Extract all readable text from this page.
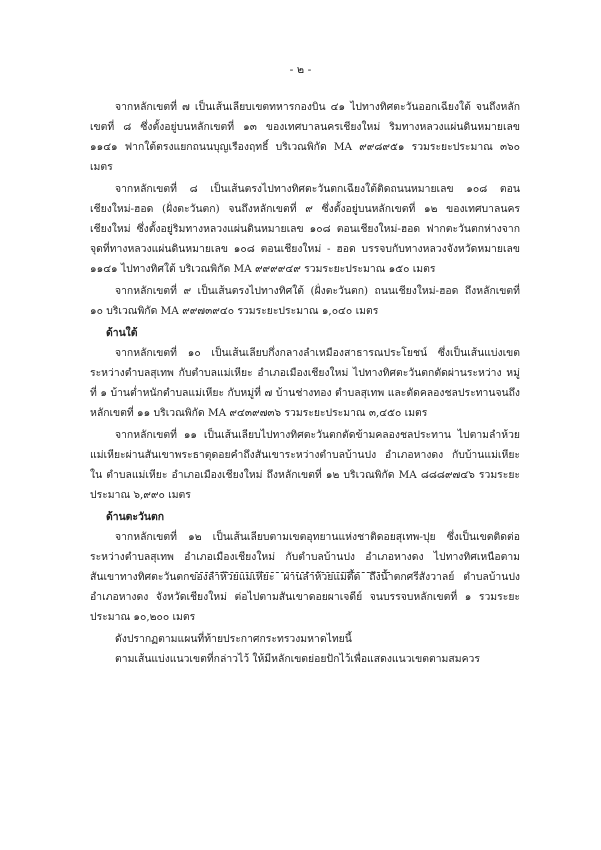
- ๒ -

จากหลักเขตที่ ๗ เป็นเส้นเลียบเขตทหารกองบิน ๔๑ ไปทางทิศตะวันออกเฉียงใต้ จนถึงหลักเขตที่ ๘ ซึ่งตั้งอยู่บนหลักเขตที่ ๑๓ ของเทศบาลนครเชียงใหม่ ริมทางหลวงแผ่นดินหมายเลข ๑๑๔๑ ฟากใต้ตรงแยกถนนบุญเรืองฤทธิ์ บริเวณพิกัด MA ๙๙๘๙๕๑ รวมระยะประมาณ ๓๖๐ เมตร

จากหลักเขตที่ ๘ เป็นเส้นตรงไปทางทิศตะวันตกเฉียงใต้ติดถนนหมายเลข ๑๐๘ ตอนเชียงใหม่-ฮอด (ฝั่งตะวันตก) จนถึงหลักเขตที่ ๙ ซึ่งตั้งอยู่บนหลักเขตที่ ๑๒ ของเทศบาลนครเชียงใหม่ ซึ่งตั้งอยู่ริมทางหลวงแผ่นดินหมายเลข ๑๐๘ ตอนเชียงใหม่-ฮอด ฟากตะวันตกห่างจากจุดที่ทางหลวงแผ่นดินหมายเลข ๑๐๘ ตอนเชียงใหม่ - ฮอด บรรจบกับทางหลวงจังหวัดหมายเลข ๑๑๔๑ ไปทางทิศใต้ บริเวณพิกัด MA ๙๙๙๙๔๙ รวมระยะประมาณ ๑๕๐ เมตร

จากหลักเขตที่ ๙ เป็นเส้นตรงไปทางทิศใต้ (ฝั่งตะวันตก) ถนนเชียงใหม่-ฮอด ถึงหลักเขตที่ ๑๐ บริเวณพิกัด MA ๙๙๗๓๙๔๐ รวมระยะประมาณ ๑,๐๔๐ เมตร

ด้านใต้

จากหลักเขตที่ ๑๐ เป็นเส้นเลียบกึ่งกลางลำเหมืองสาธารณประโยชน์ ซึ่งเป็นเส้นแบ่งเขตระหว่างตำบลสุเทพ กับตำบลแม่เหียะ อำเภอเมืองเชียงใหม่ ไปทางทิศตะวันตกตัดผ่านระหว่าง หมู่ที่ ๑ บ้านต่ำหนักตำบลแม่เหียะ กับหมู่ที่ ๗ บ้านช่างทอง ตำบลสุเทพ และตัดคลองชลประทานจนถึงหลักเขตที่ ๑๑ บริเวณพิกัด MA ๙๔๓๙๗๓๖ รวมระยะประมาณ ๓,๔๕๐ เมตร

จากหลักเขตที่ ๑๑ เป็นเส้นเลียบไปทางทิศตะวันตกตัดข้ามคลองชลประทาน ไปตามลำห้วยแม่เหียะผ่านสันเขาพระธาตุดอยคำถึงสันเขาระหว่างตำบลบ้านปง อำเภอหางดง กับบ้านแม่เหียะใน ตำบลแม่เหียะ อำเภอเมืองเชียงใหม่ ถึงหลักเขตที่ ๑๒ บริเวณพิกัด MA ๘๘๘๙๗๔๖ รวมระยะประมาณ ๖,๙๙๐ เมตร

ด้านตะวันตก

จากหลักเขตที่ ๑๒ เป็นเส้นเลียบตามเขตอุทยานแห่งชาติดอยสุเทพ-ปุย ซึ่งเป็นเขตติดต่อระหว่างตำบลสุเทพ อำเภอเมืองเชียงใหม่ กับตำบลบ้านปง อำเภอหางดง ไปทางทิศเหนือตามสันเขาทางทิศตะวันตกของลำห้วยแม่เหียะ ผ่านลำห้วยแม่ตี้ด ถึงน้ำตกศรีสังวาลย์ ตำบลบ้านปง อำเภอหางดง จังหวัดเชียงใหม่ ต่อไปตามสันเขาดอยผาเจดีย์ จนบรรจบหลักเขตที่ ๑ รวมระยะประมาณ ๑๐,๒๐๐ เมตร

ดังปรากฏตามแผนที่ท้ายประกาศกระทรวงมหาดไทยนี้

ตามเส้นแบ่งแนวเขตที่กล่าวไว้ ให้มีหลักเขตย่อยปักไว้เพื่อแสดงแนวเขตตามสมควร
